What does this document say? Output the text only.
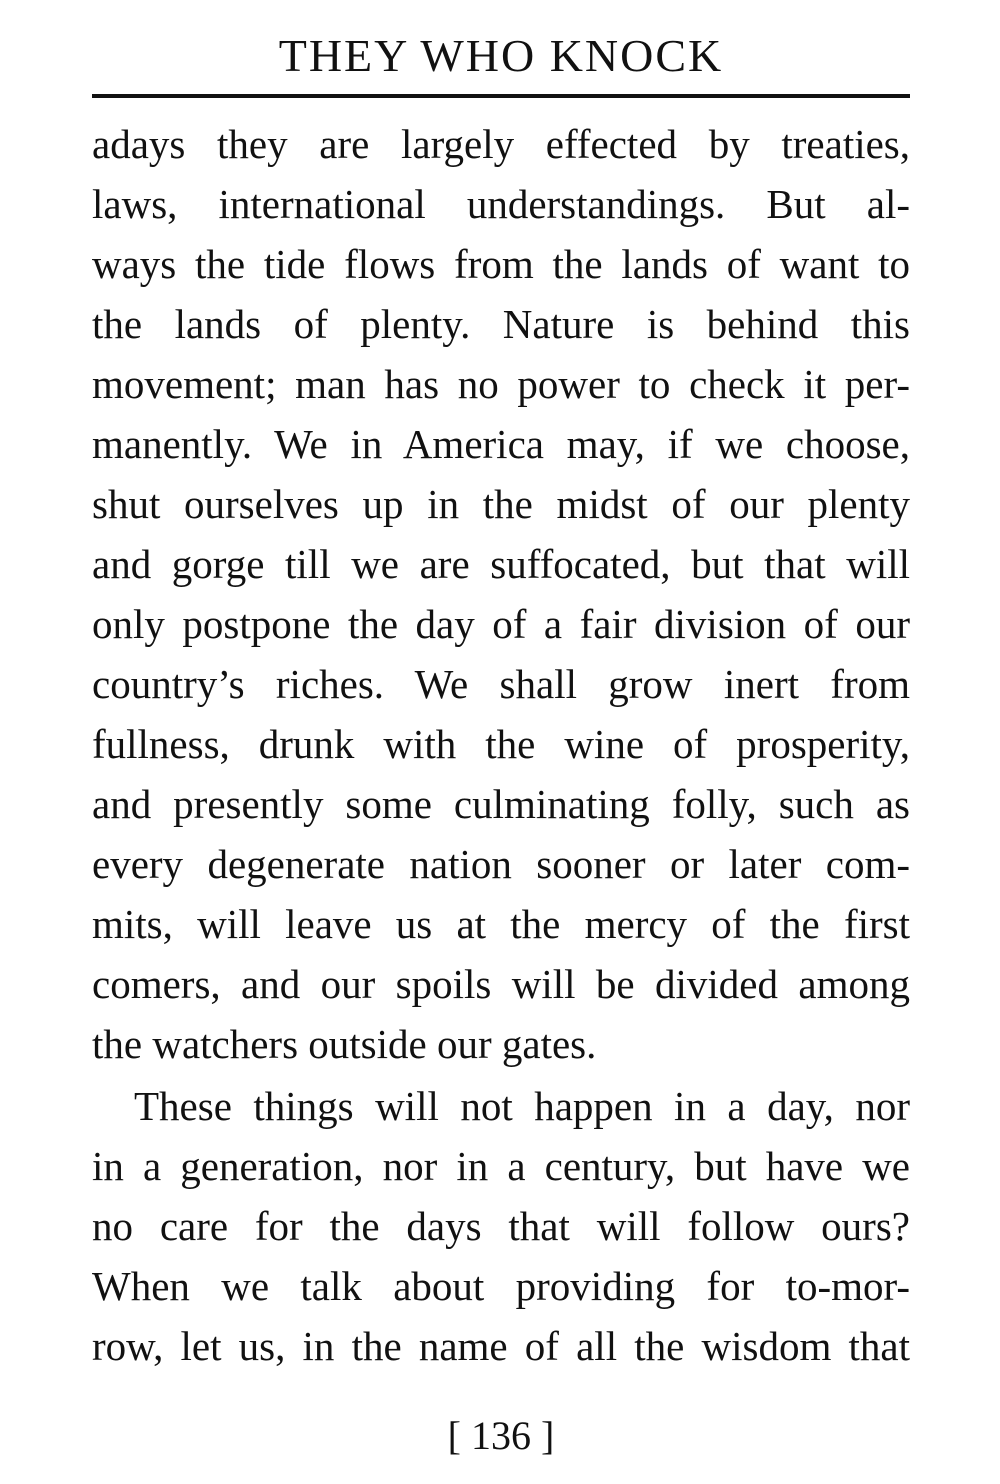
THEY WHO KNOCK
adays they are largely effected by treaties,
laws, international understandings. But al-
ways the tide flows from the lands of want to
the lands of plenty. Nature is behind this
movement; man has no power to check it per-
manently. We in America may, if we choose,
shut ourselves up in the midst of our plenty
and gorge till we are suffocated, but that will
only postpone the day of a fair division of our
country’s riches. We shall grow inert from
fullness, drunk with the wine of prosperity,
and presently some culminating folly, such as
every degenerate nation sooner or later com-
mits, will leave us at the mercy of the first
comers, and our spoils will be divided among
the watchers outside our gates.
These things will not happen in a day, nor
in a generation, nor in a century, but have we
no care for the days that will follow ours?
When we talk about providing for to-mor-
row, let us, in the name of all the wisdom that
[ 136 ]
